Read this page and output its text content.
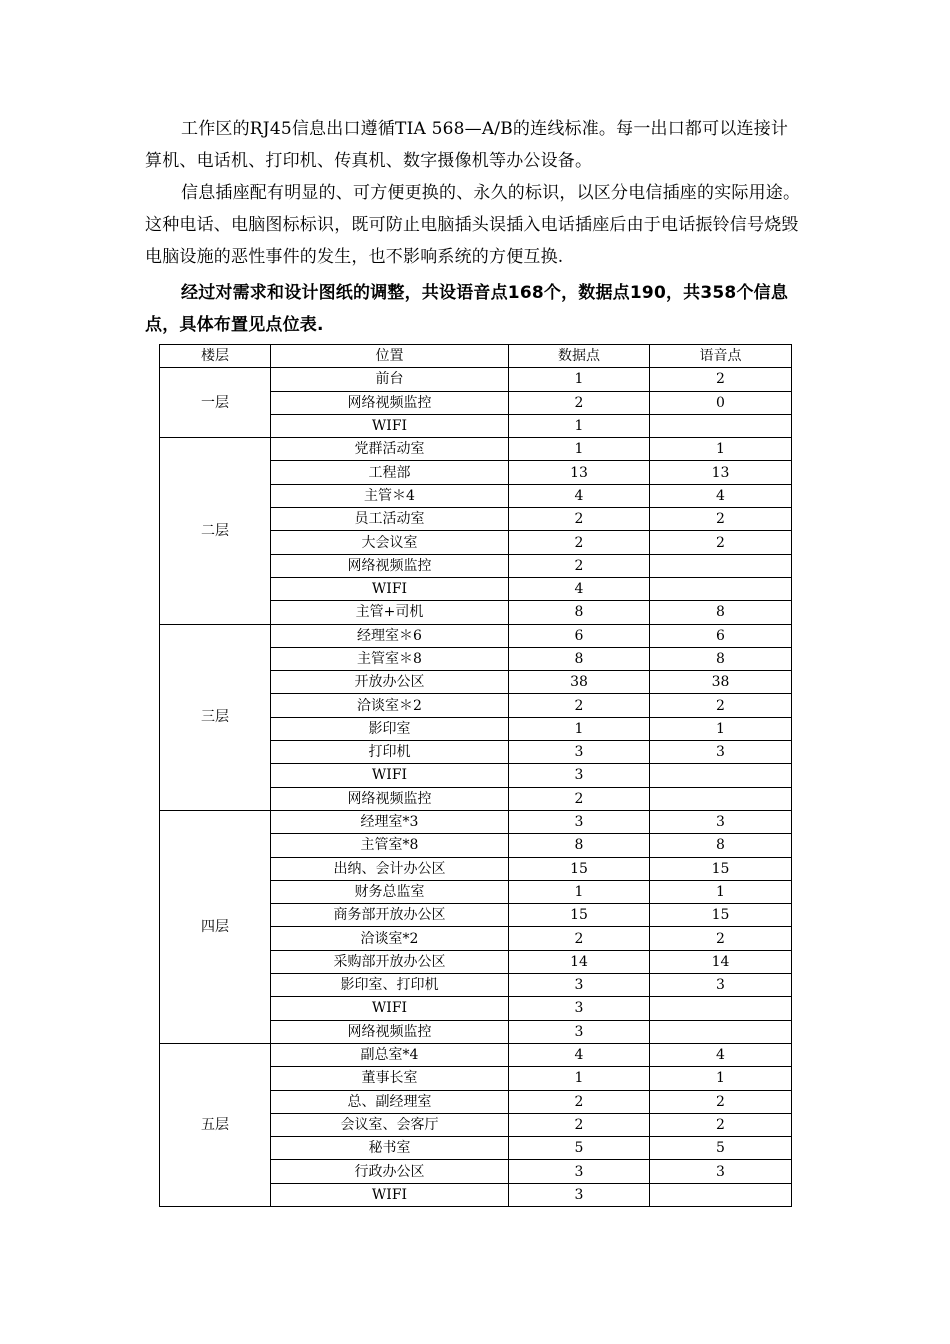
工作区的RJ45信息出口遵循TIA 568—A/B的连线标准。每一出口都可以连接计算机、电话机、打印机、传真机、数字摄像机等办公设备。

信息插座配有明显的、可方便更换的、永久的标识，以区分电信插座的实际用途。这种电话、电脑图标标识，既可防止电脑插头误插入电话插座后由于电话振铃信号烧毁电脑设施的恶性事件的发生，也不影响系统的方便互换.

经过对需求和设计图纸的调整，共设语音点168个，数据点190，共358个信息点，具体布置见点位表.

楼层	位置	数据点	语音点
一层	前台	1	2
	网络视频监控	2	0
	WIFI	1	
二层	党群活动室	1	1
	工程部	13	13
	主管＊4	4	4
	员工活动室	2	2
	大会议室	2	2
	网络视频监控	2	
	WIFI	4	
	主管+司机	8	8
三层	经理室＊6	6	6
	主管室＊8	8	8
	开放办公区	38	38
	洽谈室＊2	2	2
	影印室	1	1
	打印机	3	3
	WIFI	3	
	网络视频监控	2	
四层	经理室*3	3	3
	主管室*8	8	8
	出纳、会计办公区	15	15
	财务总监室	1	1
	商务部开放办公区	15	15
	洽谈室*2	2	2
	采购部开放办公区	14	14
	影印室、打印机	3	3
	WIFI	3	
	网络视频监控	3	
五层	副总室*4	4	4
	董事长室	1	1
	总、副经理室	2	2
	会议室、会客厅	2	2
	秘书室	5	5
	行政办公区	3	3
	WIFI	3	
